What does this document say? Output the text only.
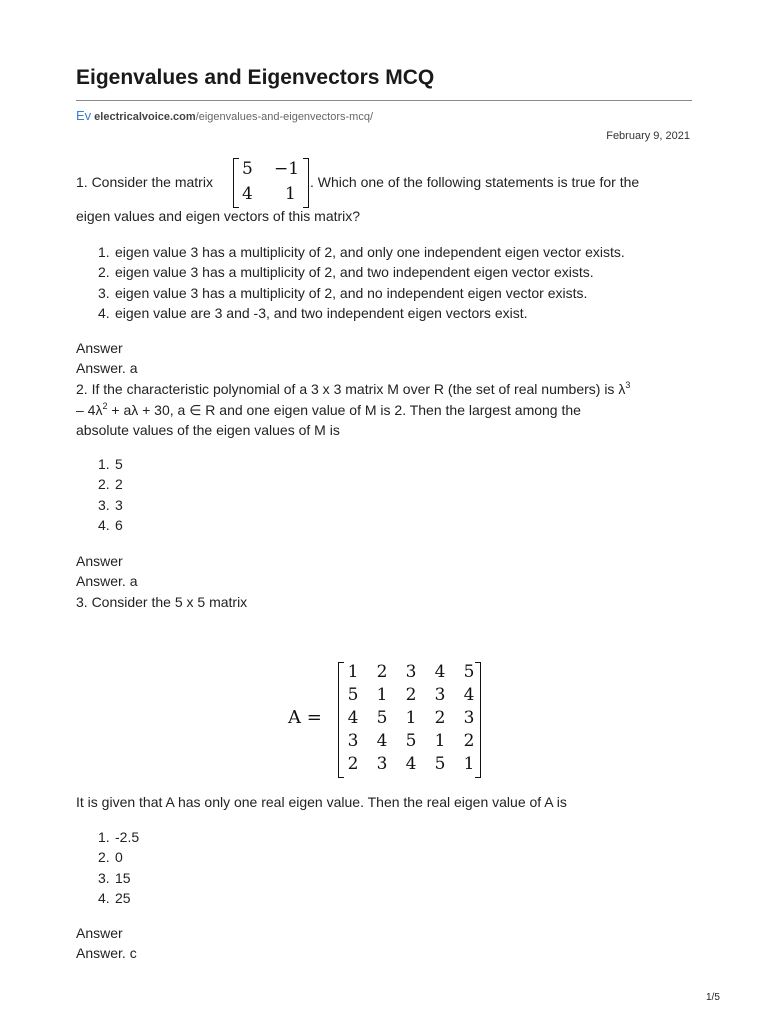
Eigenvalues and Eigenvectors MCQ
Ev electricalvoice.com/eigenvalues-and-eigenvectors-mcq/
February 9, 2021
1. Consider the matrix
5 −1
4 1
. Which one of the following statements is true for the
eigen values and eigen vectors of this matrix?
1. eigen value 3 has a multiplicity of 2, and only one independent eigen vector exists.
2. eigen value 3 has a multiplicity of 2, and two independent eigen vector exists.
3. eigen value 3 has a multiplicity of 2, and no independent eigen vector exists.
4. eigen value are 3 and -3, and two independent eigen vectors exist.
Answer
Answer. a
2. If the characteristic polynomial of a 3 x 3 matrix M over R (the set of real numbers) is $\lambda^3$
– $4\lambda^2 + a\lambda + 30$, a ∈ R and one eigen value of M is 2. Then the largest among the
absolute values of the eigen values of M is
1. 5
2. 2
3. 3
4. 6
Answer
Answer. a
3. Consider the 5 x 5 matrix
A =
1 2 3 4 5
5 1 2 3 4
4 5 1 2 3
3 4 5 1 2
2 3 4 5 1
It is given that A has only one real eigen value. Then the real eigen value of A is
1. -2.5
2. 0
3. 15
4. 25
Answer
Answer. c
1/5
